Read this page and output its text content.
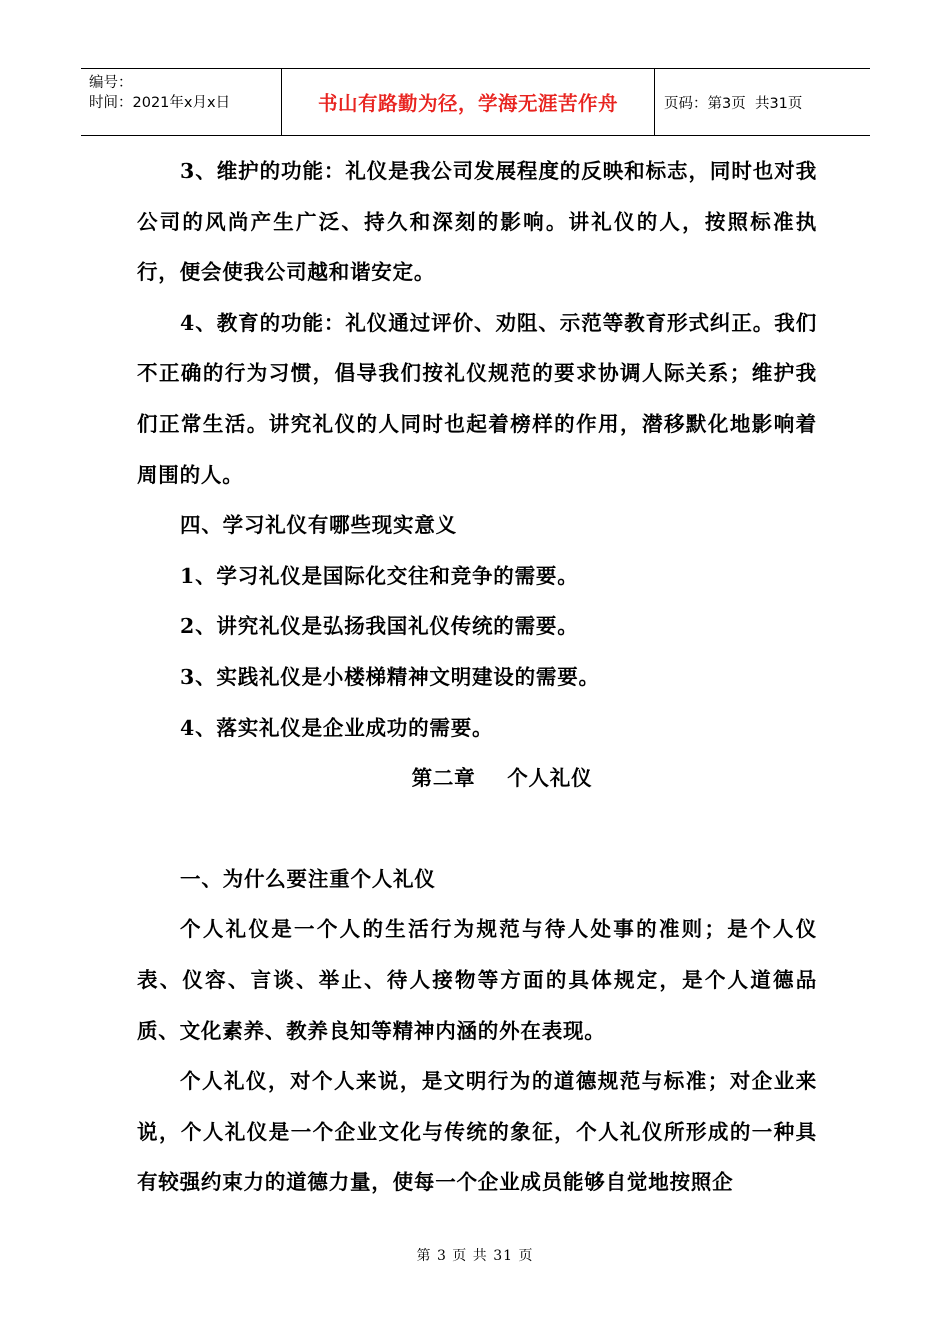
编号：
时间：2021年x月x日	书山有路勤为径，学海无涯苦作舟	页码：第3页  共31页

3、维护的功能：礼仪是我公司发展程度的反映和标志，同时也对我公司的风尚产生广泛、持久和深刻的影响。讲礼仪的人，按照标准执行，便会使我公司越和谐安定。

4、教育的功能：礼仪通过评价、劝阻、示范等教育形式纠正。我们不正确的行为习惯，倡导我们按礼仪规范的要求协调人际关系；维护我们正常生活。讲究礼仪的人同时也起着榜样的作用，潜移默化地影响着周围的人。

四、学习礼仪有哪些现实意义

1、学习礼仪是国际化交往和竞争的需要。

2、讲究礼仪是弘扬我国礼仪传统的需要。

3、实践礼仪是小楼梯精神文明建设的需要。

4、落实礼仪是企业成功的需要。

第二章    个人礼仪

一、为什么要注重个人礼仪

个人礼仪是一个人的生活行为规范与待人处事的准则；是个人仪表、仪容、言谈、举止、待人接物等方面的具体规定，是个人道德品质、文化素养、教养良知等精神内涵的外在表现。

个人礼仪，对个人来说，是文明行为的道德规范与标准；对企业来说，个人礼仪是一个企业文化与传统的象征，个人礼仪所形成的一种具有较强约束力的道德力量，使每一个企业成员能够自觉地按照企

第 3 页 共 31 页
